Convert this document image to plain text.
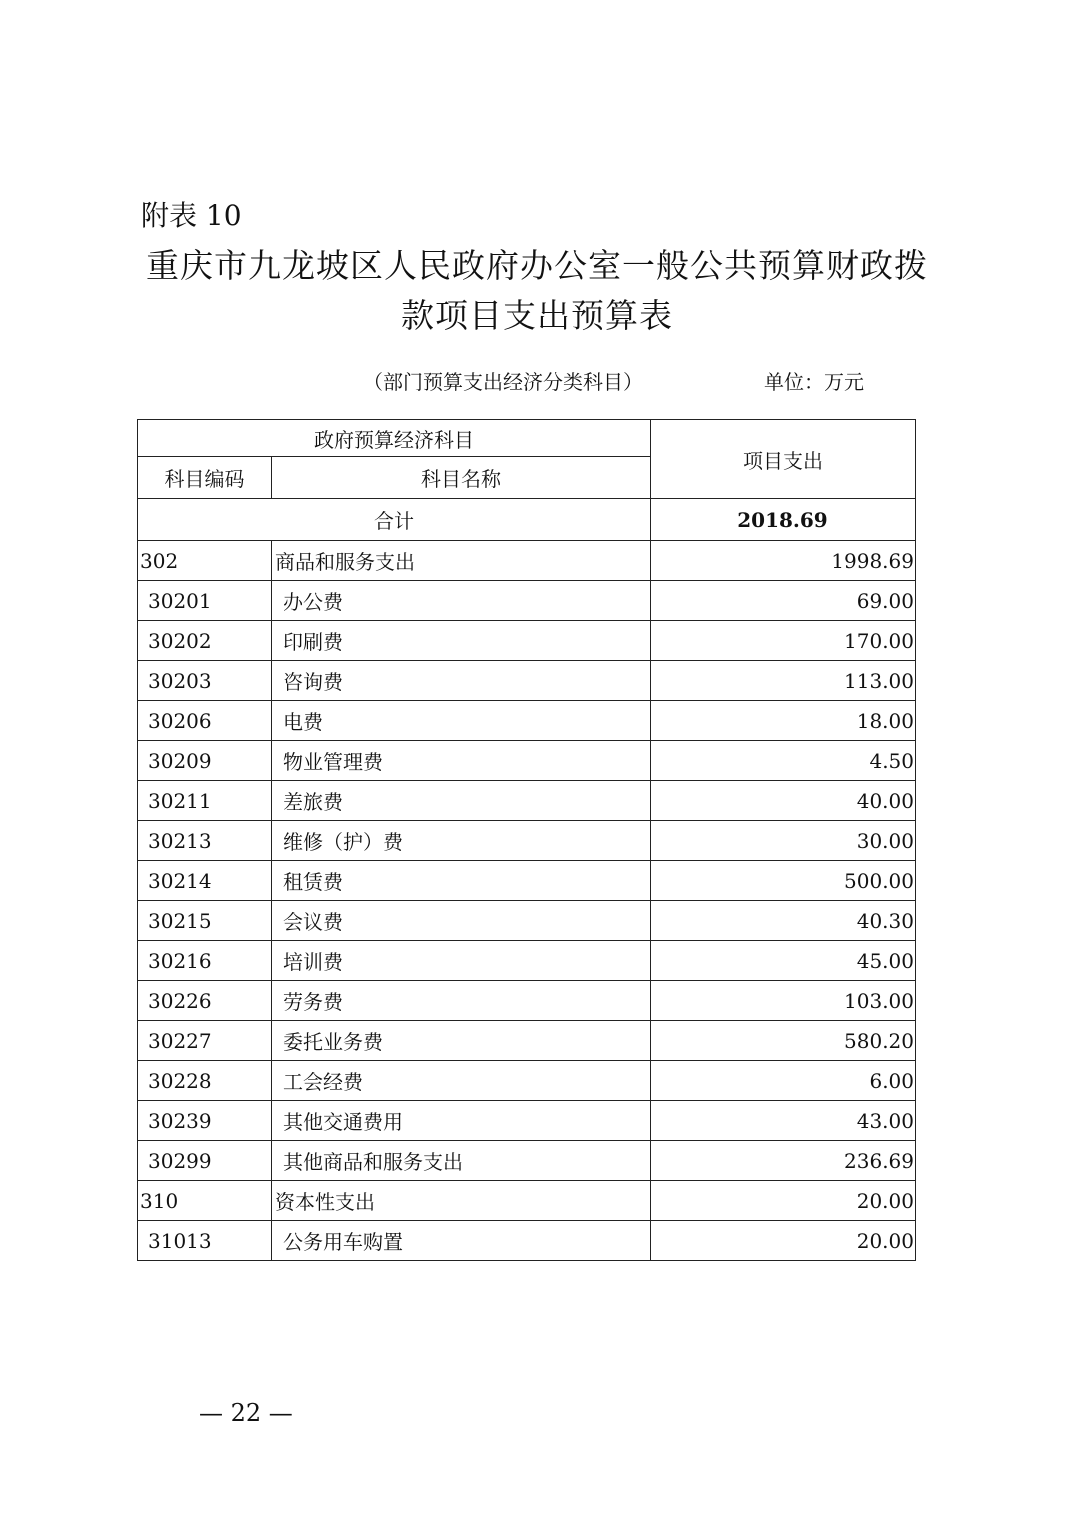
附表 10
重庆市九龙坡区人民政府办公室一般公共预算财政拨
款项目支出预算表
（部门预算支出经济分类科目）	单位：万元
政府预算经济科目		项目支出
科目编码	科目名称	
合计		2018.69
302	商品和服务支出	1998.69
30201	办公费	69.00
30202	印刷费	170.00
30203	咨询费	113.00
30206	电费	18.00
30209	物业管理费	4.50
30211	差旅费	40.00
30213	维修（护）费	30.00
30214	租赁费	500.00
30215	会议费	40.30
30216	培训费	45.00
30226	劳务费	103.00
30227	委托业务费	580.20
30228	工会经费	6.00
30239	其他交通费用	43.00
30299	其他商品和服务支出	236.69
310	资本性支出	20.00
31013	公务用车购置	20.00
— 22 —
